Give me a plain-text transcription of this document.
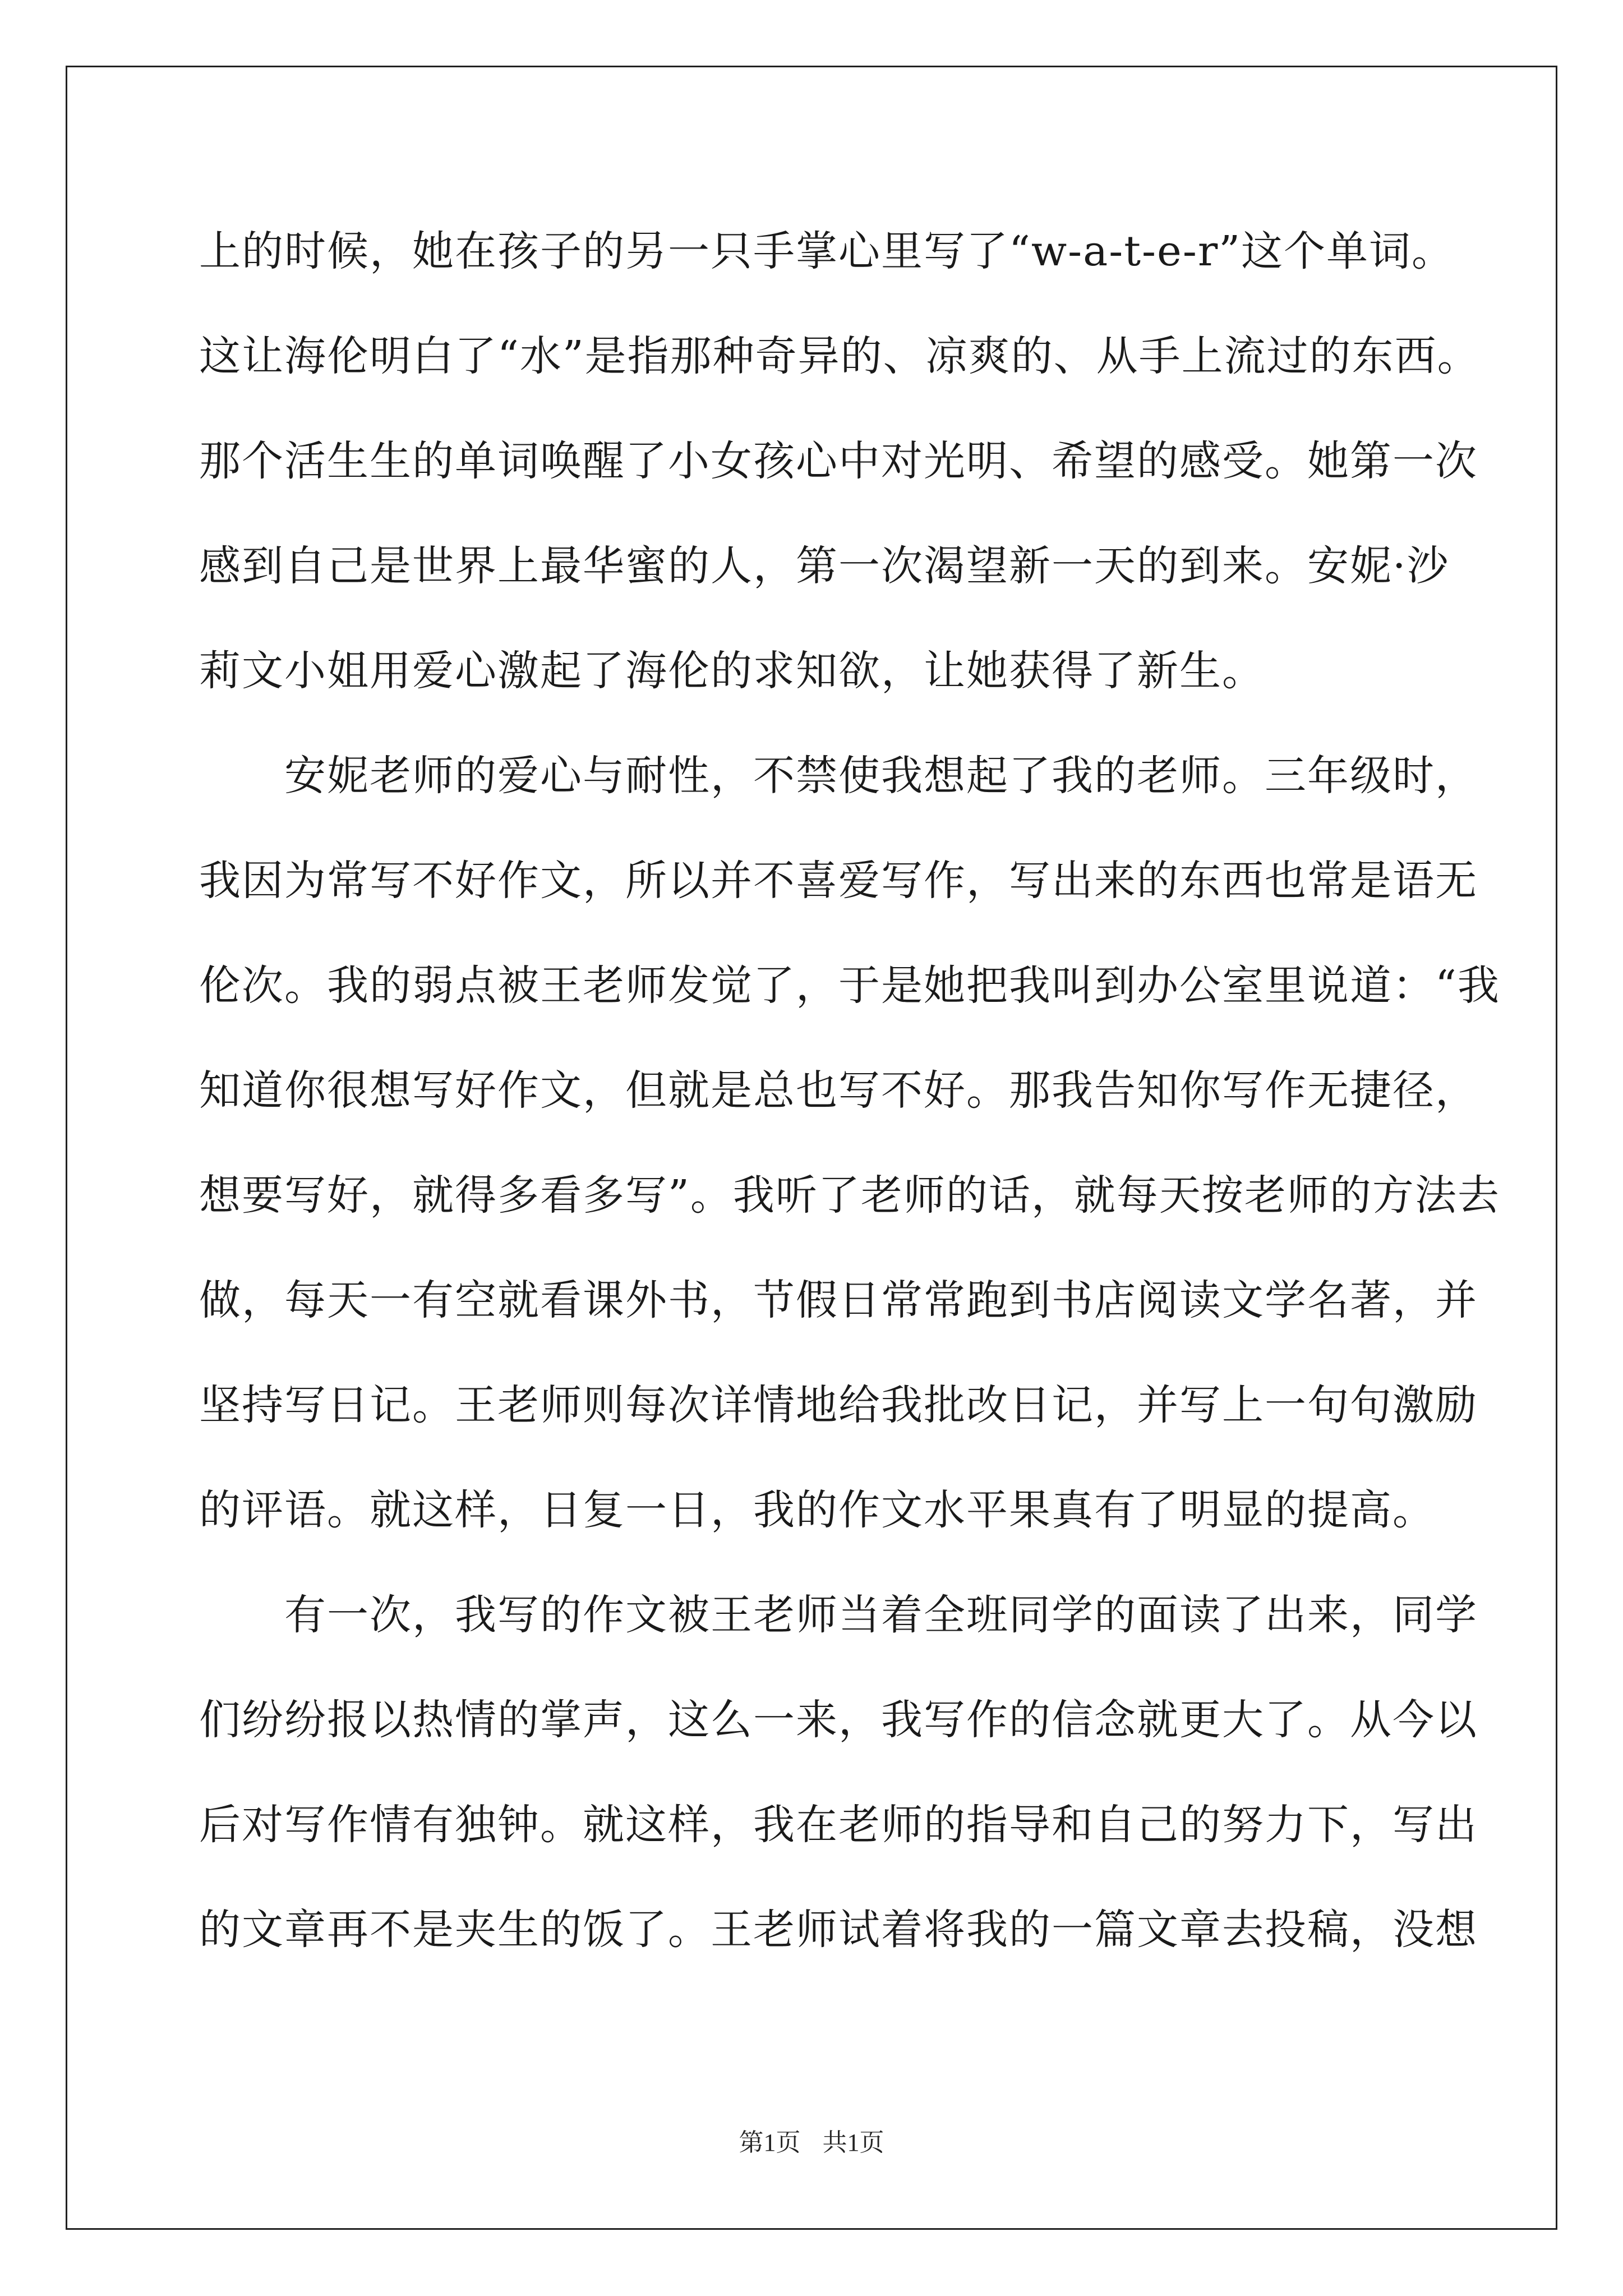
上的时候，她在孩子的另一只手掌心里写了“w-a-t-e-r”这个单词。
这让海伦明白了“水”是指那种奇异的、凉爽的、从手上流过的东西。
那个活生生的单词唤醒了小女孩心中对光明、希望的感受。她第一次
感到自己是世界上最华蜜的人，第一次渴望新一天的到来。安妮·沙
莉文小姐用爱心激起了海伦的求知欲，让她获得了新生。
　　安妮老师的爱心与耐性，不禁使我想起了我的老师。三年级时，
我因为常写不好作文，所以并不喜爱写作，写出来的东西也常是语无
伦次。我的弱点被王老师发觉了，于是她把我叫到办公室里说道：“我
知道你很想写好作文，但就是总也写不好。那我告知你写作无捷径，
想要写好，就得多看多写”。我听了老师的话，就每天按老师的方法去
做，每天一有空就看课外书，节假日常常跑到书店阅读文学名著，并
坚持写日记。王老师则每次详情地给我批改日记，并写上一句句激励
的评语。就这样，日复一日，我的作文水平果真有了明显的提高。
　　有一次，我写的作文被王老师当着全班同学的面读了出来，同学
们纷纷报以热情的掌声，这么一来，我写作的信念就更大了。从今以
后对写作情有独钟。就这样，我在老师的指导和自己的努力下，写出
的文章再不是夹生的饭了。王老师试着将我的一篇文章去投稿，没想
第1页 共1页
